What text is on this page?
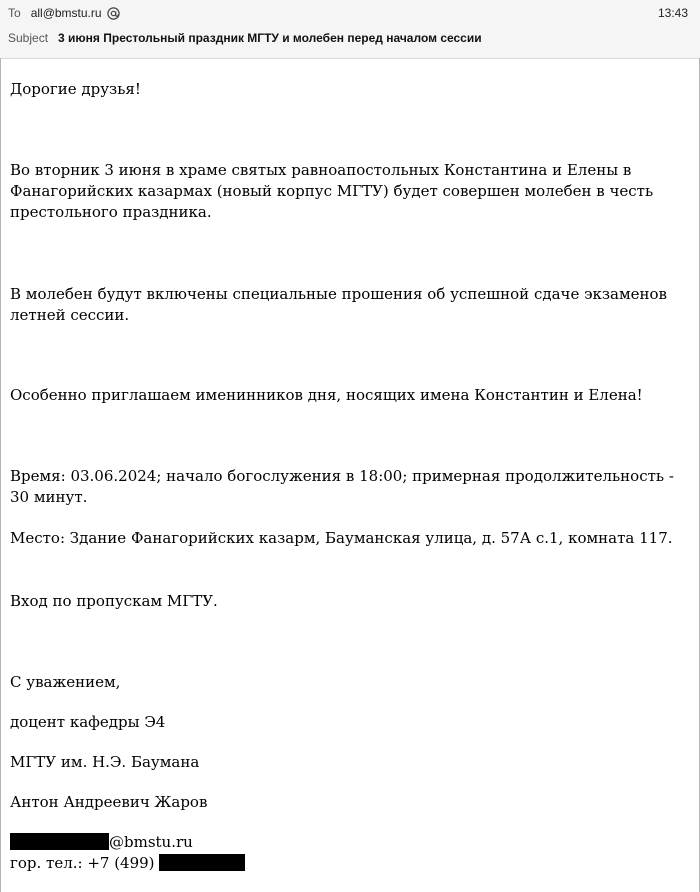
To all@bmstu.ru	13:43
Subject 3 июня Престольный праздник МГТУ и молебен перед началом сессии

Дорогие друзья!

Во вторник 3 июня в храме святых равноапостольных Константина и Елены в Фанагорийских казармах (новый корпус МГТУ) будет совершен молебен в честь престольного праздника.

В молебен будут включены специальные прошения об успешной сдаче экзаменов летней сессии.

Особенно приглашаем именинников дня, носящих имена Константин и Елена!

Время: 03.06.2024; начало богослужения в 18:00; примерная продолжительность - 30 минут.

Место: Здание Фанагорийских казарм, Бауманская улица, д. 57А с.1, комната 117.

Вход по пропускам МГТУ.

С уважением,

доцент кафедры Э4

МГТУ им. Н.Э. Баумана

Антон Андреевич Жаров

@bmstu.ru

гор. тел.: +7 (499)
